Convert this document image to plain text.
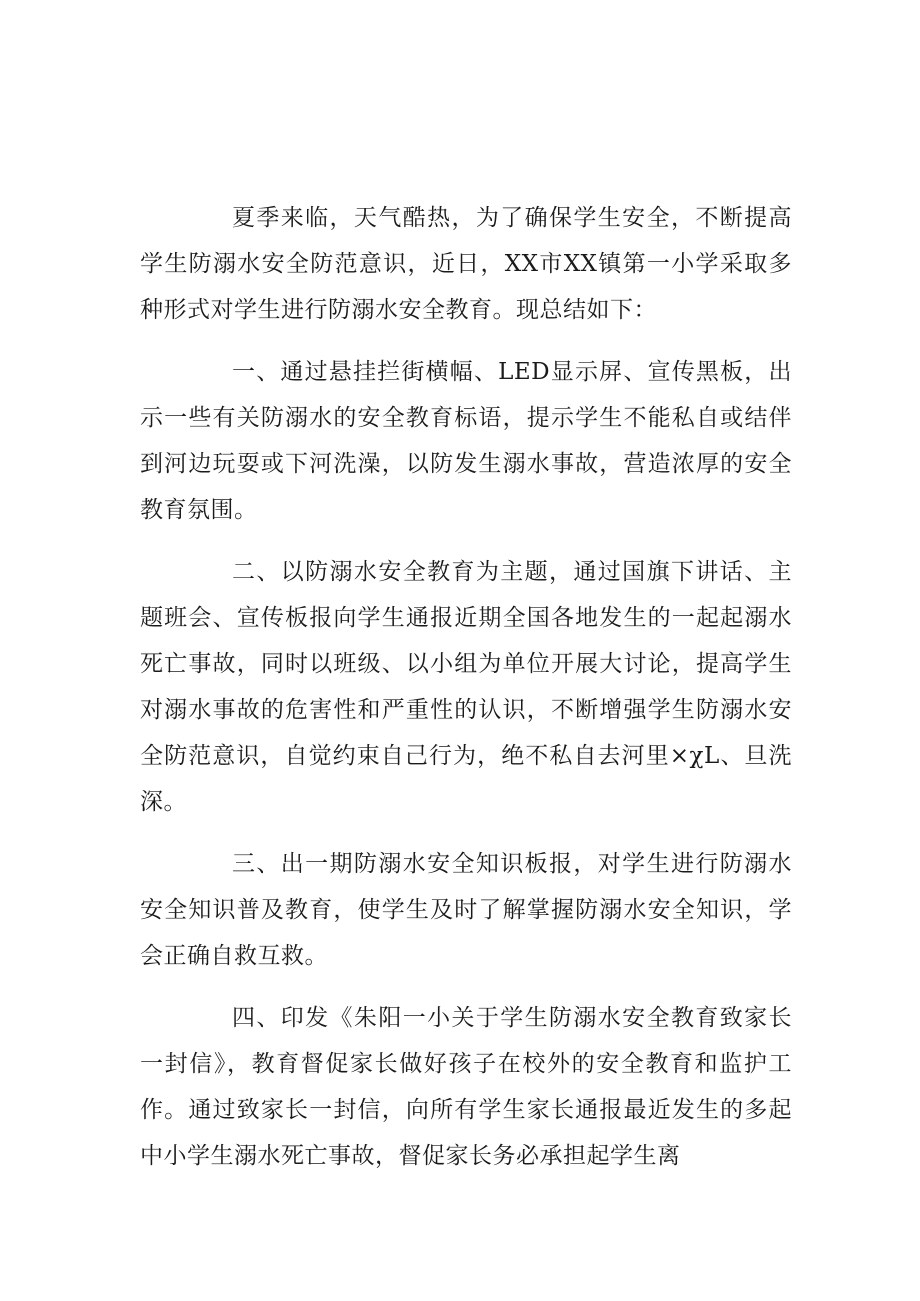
夏季来临，天气酷热，为了确保学生安全，不断提高学生防溺水安全防范意识，近日，XX市XX镇第一小学采取多种形式对学生进行防溺水安全教育。现总结如下：

一、通过悬挂拦街横幅、LED显示屏、宣传黑板，出示一些有关防溺水的安全教育标语，提示学生不能私自或结伴到河边玩耍或下河洗澡，以防发生溺水事故，营造浓厚的安全教育氛围。

二、以防溺水安全教育为主题，通过国旗下讲话、主题班会、宣传板报向学生通报近期全国各地发生的一起起溺水死亡事故，同时以班级、以小组为单位开展大讨论，提高学生对溺水事故的危害性和严重性的认识，不断增强学生防溺水安全防范意识，自觉约束自己行为，绝不私自去河里×χL、旦洗深。

三、出一期防溺水安全知识板报，对学生进行防溺水安全知识普及教育，使学生及时了解掌握防溺水安全知识，学会正确自救互救。

四、印发《朱阳一小关于学生防溺水安全教育致家长一封信》，教育督促家长做好孩子在校外的安全教育和监护工作。通过致家长一封信，向所有学生家长通报最近发生的多起中小学生溺水死亡事故，督促家长务必承担起学生离
